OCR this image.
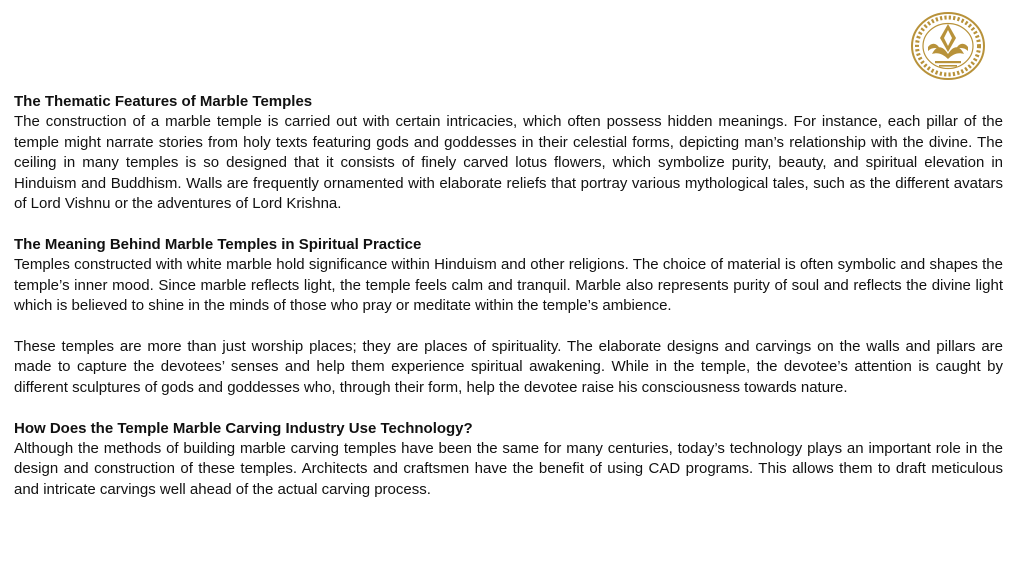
The Thematic Features of Marble Temples

The construction of a marble temple is carried out with certain intricacies, which often possess hidden meanings. For instance, each pillar of the temple might narrate stories from holy texts featuring gods and goddesses in their celestial forms, depicting man’s relationship with the divine. The ceiling in many temples is so designed that it consists of finely carved lotus flowers, which symbolize purity, beauty, and spiritual elevation in Hinduism and Buddhism. Walls are frequently ornamented with elaborate reliefs that portray various mythological tales, such as the different avatars of Lord Vishnu or the adventures of Lord Krishna.

The Meaning Behind Marble Temples in Spiritual Practice

Temples constructed with white marble hold significance within Hinduism and other religions. The choice of material is often symbolic and shapes the temple’s inner mood. Since marble reflects light, the temple feels calm and tranquil. Marble also represents purity of soul and reflects the divine light which is believed to shine in the minds of those who pray or meditate within the temple’s ambience.

These temples are more than just worship places; they are places of spirituality. The elaborate designs and carvings on the walls and pillars are made to capture the devotees’ senses and help them experience spiritual awakening. While in the temple, the devotee’s attention is caught by different sculptures of gods and goddesses who, through their form, help the devotee raise his consciousness towards nature.

How Does the Temple Marble Carving Industry Use Technology?

Although the methods of building marble carving temples have been the same for many centuries, today’s technology plays an important role in the design and construction of these temples. Architects and craftsmen have the benefit of using CAD programs. This allows them to draft meticulous and intricate carvings well ahead of the actual carving process.
